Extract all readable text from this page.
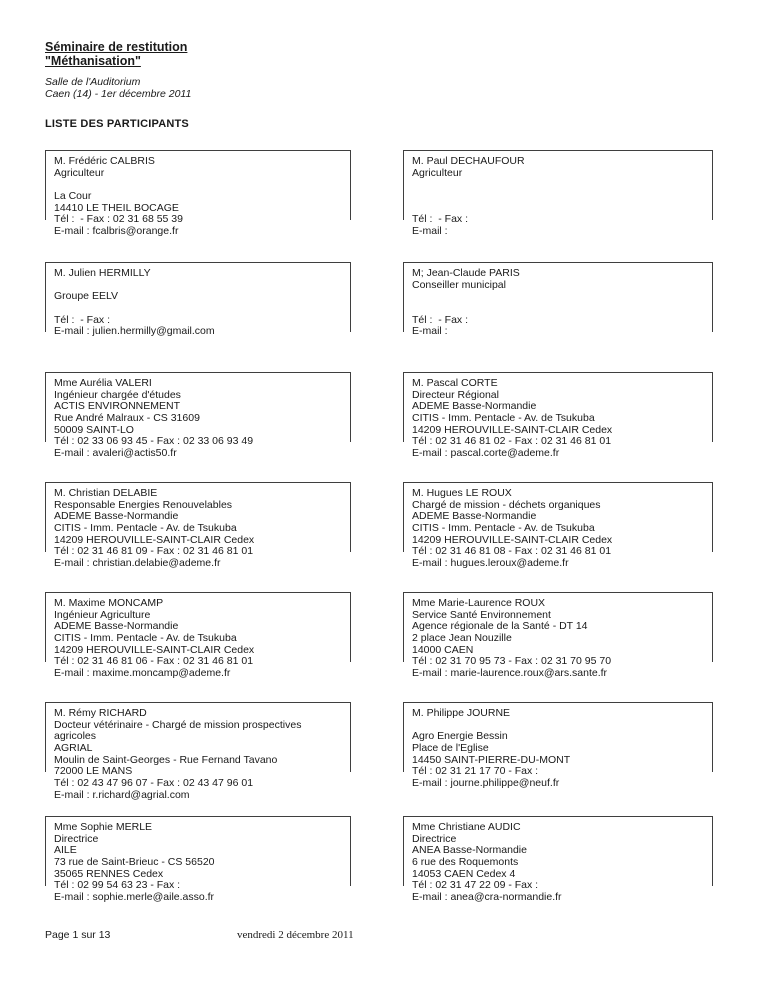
Séminaire de restitution
"Méthanisation"
Salle de l'Auditorium
Caen (14) - 1er décembre 2011
LISTE DES PARTICIPANTS
M. Frédéric CALBRIS
Agriculteur
La Cour
14410 LE THEIL BOCAGE
Tél :  - Fax : 02 31 68 55 39
E-mail : fcalbris@orange.fr
M. Paul DECHAUFOUR
Agriculteur
Tél :  - Fax :
E-mail :
M. Julien HERMILLY
Groupe EELV
Tél :  - Fax :
E-mail : julien.hermilly@gmail.com
M; Jean-Claude PARIS
Conseiller municipal
Tél :  - Fax :
E-mail :
Mme Aurélia VALERI
Ingénieur chargée d'études
ACTIS ENVIRONNEMENT
Rue André Malraux - CS 31609
50009 SAINT-LO
Tél : 02 33 06 93 45 - Fax : 02 33 06 93 49
E-mail : avaleri@actis50.fr
M. Pascal CORTE
Directeur Régional
ADEME Basse-Normandie
CITIS - Imm. Pentacle - Av. de Tsukuba
14209 HEROUVILLE-SAINT-CLAIR Cedex
Tél : 02 31 46 81 02 - Fax : 02 31 46 81 01
E-mail : pascal.corte@ademe.fr
M. Christian DELABIE
Responsable Energies Renouvelables
ADEME Basse-Normandie
CITIS - Imm. Pentacle - Av. de Tsukuba
14209 HEROUVILLE-SAINT-CLAIR Cedex
Tél : 02 31 46 81 09 - Fax : 02 31 46 81 01
E-mail : christian.delabie@ademe.fr
M. Hugues LE ROUX
Chargé de mission - déchets organiques
ADEME Basse-Normandie
CITIS - Imm. Pentacle - Av. de Tsukuba
14209 HEROUVILLE-SAINT-CLAIR Cedex
Tél : 02 31 46 81 08 - Fax : 02 31 46 81 01
E-mail : hugues.leroux@ademe.fr
M. Maxime MONCAMP
Ingénieur Agriculture
ADEME Basse-Normandie
CITIS - Imm. Pentacle - Av. de Tsukuba
14209 HEROUVILLE-SAINT-CLAIR Cedex
Tél : 02 31 46 81 06 - Fax : 02 31 46 81 01
E-mail : maxime.moncamp@ademe.fr
Mme Marie-Laurence ROUX
Service Santé Environnement
Agence régionale de la Santé - DT 14
2 place Jean Nouzille
14000 CAEN
Tél : 02 31 70 95 73 - Fax : 02 31 70 95 70
E-mail : marie-laurence.roux@ars.sante.fr
M. Rémy RICHARD
Docteur vétérinaire - Chargé de mission prospectives
agricoles
AGRIAL
Moulin de Saint-Georges - Rue Fernand Tavano
72000 LE MANS
Tél : 02 43 47 96 07 - Fax : 02 43 47 96 01
E-mail : r.richard@agrial.com
M. Philippe JOURNE
Agro Energie Bessin
Place de l'Eglise
14450 SAINT-PIERRE-DU-MONT
Tél : 02 31 21 17 70 - Fax :
E-mail : journe.philippe@neuf.fr
Mme Sophie MERLE
Directrice
AILE
73 rue de Saint-Brieuc - CS 56520
35065 RENNES Cedex
Tél : 02 99 54 63 23 - Fax :
E-mail : sophie.merle@aile.asso.fr
Mme Christiane AUDIC
Directrice
ANEA Basse-Normandie
6 rue des Roquemonts
14053 CAEN Cedex 4
Tél : 02 31 47 22 09 - Fax :
E-mail : anea@cra-normandie.fr
Page 1 sur 13	vendredi 2 décembre 2011
